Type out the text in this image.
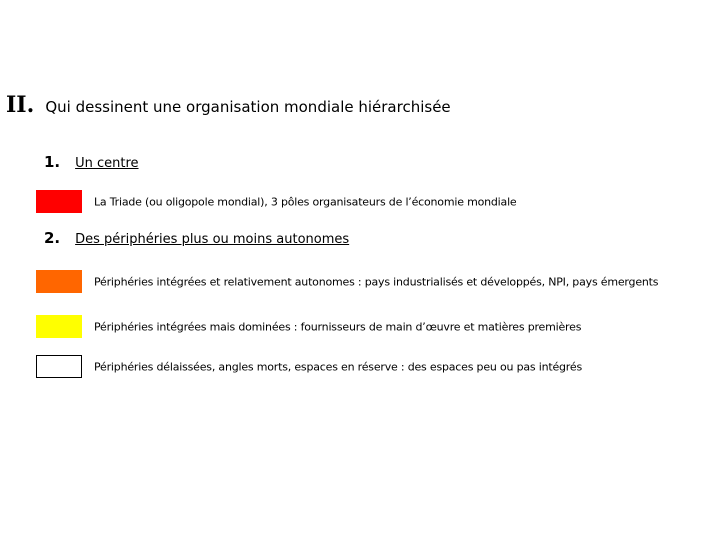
II. Qui dessinent une organisation mondiale hiérarchisée
1. Un centre
La Triade (ou oligopole mondial), 3 pôles organisateurs de l’économie mondiale
2. Des périphéries plus ou moins autonomes
Périphéries intégrées et relativement autonomes : pays industrialisés et développés, NPI, pays émergents
Périphéries intégrées mais dominées : fournisseurs de main d’œuvre et matières premières
Périphéries délaissées, angles morts, espaces en réserve : des espaces peu ou pas intégrés
